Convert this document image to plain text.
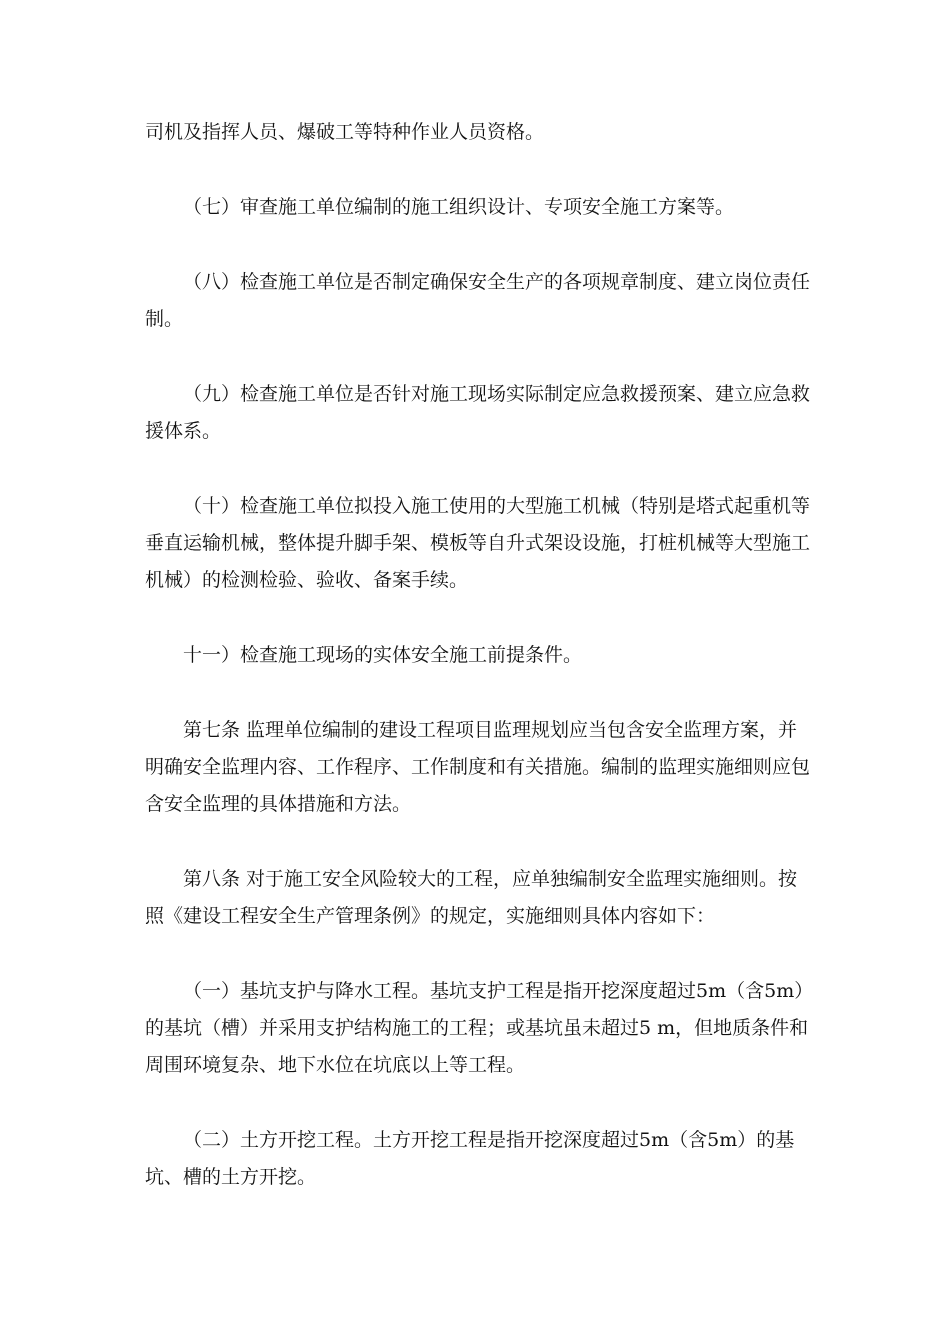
司机及指挥人员、爆破工等特种作业人员资格。

（七）审查施工单位编制的施工组织设计、专项安全施工方案等。

（八）检查施工单位是否制定确保安全生产的各项规章制度、建立岗位责任制。

（九）检查施工单位是否针对施工现场实际制定应急救援预案、建立应急救援体系。

（十）检查施工单位拟投入施工使用的大型施工机械（特别是塔式起重机等垂直运输机械，整体提升脚手架、模板等自升式架设设施，打桩机械等大型施工机械）的检测检验、验收、备案手续。

十一）检查施工现场的实体安全施工前提条件。

第七条 监理单位编制的建设工程项目监理规划应当包含安全监理方案，并明确安全监理内容、工作程序、工作制度和有关措施。编制的监理实施细则应包含安全监理的具体措施和方法。

第八条 对于施工安全风险较大的工程，应单独编制安全监理实施细则。按照《建设工程安全生产管理条例》的规定，实施细则具体内容如下：

（一）基坑支护与降水工程。基坑支护工程是指开挖深度超过5m（含5m）的基坑（槽）并采用支护结构施工的工程；或基坑虽未超过5 m，但地质条件和周围环境复杂、地下水位在坑底以上等工程。

（二）土方开挖工程。土方开挖工程是指开挖深度超过5m（含5m）的基坑、槽的土方开挖。
